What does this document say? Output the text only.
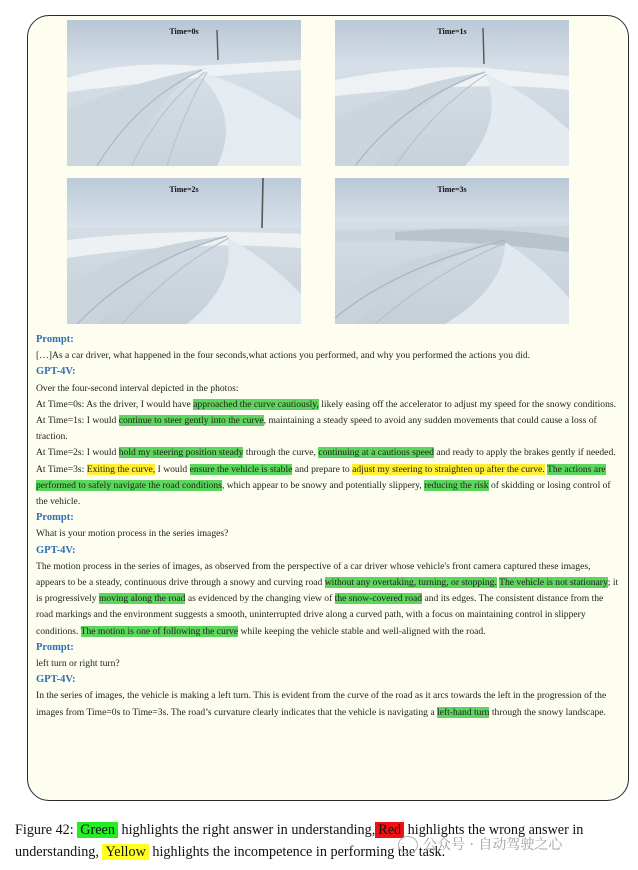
Time=0s	Time=1s
Time=2s	Time=3s

Prompt:

[…]As a car driver, what happened in the four seconds,what actions you performed, and why you performed the actions you did.

GPT-4V:

Over the four-second interval depicted in the photos:

At Time=0s: As the driver, I would have approached the curve cautiously, likely easing off the accelerator to adjust my speed for the snowy conditions.

At Time=1s: I would continue to steer gently into the curve, maintaining a steady speed to avoid any sudden movements that could cause a loss of traction.

At Time=2s: I would hold my steering position steady through the curve, continuing at a cautious speed and ready to apply the brakes gently if needed.

At Time=3s: Exiting the curve, I would ensure the vehicle is stable and prepare to adjust my steering to straighten up after the curve. The actions are performed to safely navigate the road conditions, which appear to be snowy and potentially slippery, reducing the risk of skidding or losing control of the vehicle.

Prompt:

What is your motion process in the series images?

GPT-4V:

The motion process in the series of images, as observed from the perspective of a car driver whose vehicle's front camera captured these images, appears to be a steady, continuous drive through a snowy and curving road without any overtaking, turning, or stopping. The vehicle is not stationary; it is progressively moving along the road as evidenced by the changing view of the snow-covered road and its edges. The consistent distance from the road markings and the environment suggests a smooth, uninterrupted drive along a curved path, with a focus on maintaining control in slippery conditions. The motion is one of following the curve while keeping the vehicle stable and well-aligned with the road.

Prompt:

left turn or right turn?

GPT-4V:

In the series of images, the vehicle is making a left turn. This is evident from the curve of the road as it arcs towards the left in the progression of the images from Time=0s to Time=3s. The road’s curvature clearly indicates that the vehicle is navigating a left-hand turn through the snowy landscape.

Figure 42: Green highlights the right answer in understanding, Red highlights the wrong answer in understanding, Yellow highlights the incompetence in performing the task.
公众号 · 自动驾驶之心
